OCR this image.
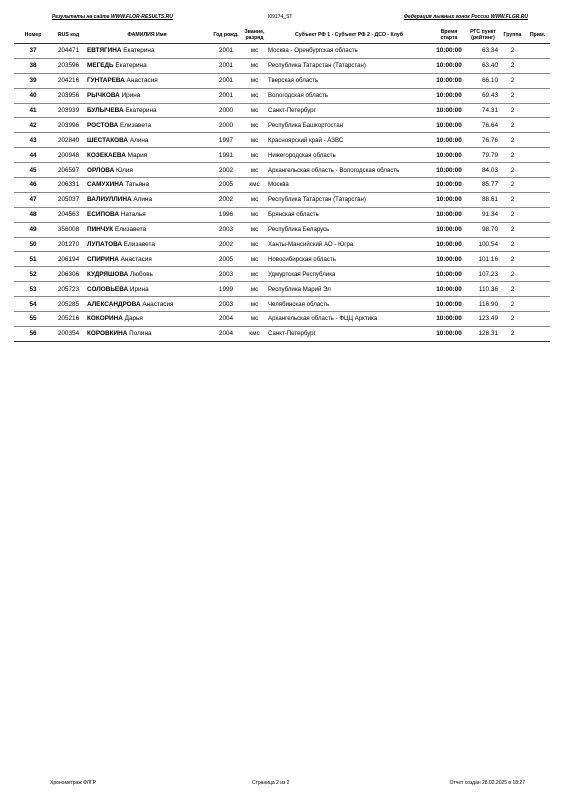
Результаты на сайте WWW.FLOR-RESULTS.RU	I09174_ST	Федерация лыжных гонок России WWW.FLGR.RU
Номер	RUS код	ФАМИЛИЯ Имя	Год рожд.	Звание, разряд	Субъект РФ 1 - Субъект РФ 2 - ДСО - Клуб	Время старта	РГС пункт (рейтинг)	Группа	Прим.
37	204471	ЕВТЯГИНА Екатерина	2001	мс	Москва - Оренбургская область	10:00:00	63.34	2	
38	203596	МЕГЕДЬ Екатерина	2001	мс	Республика Татарстан (Татарстан)	10:00:00	63.40	2	
39	204216	ГУНТАРЕВА Анастасия	2001	мс	Тверская область	10:00:00	66.10	2	
40	203956	РЫЧКОВА Ирина	2001	мс	Вологодская область	10:00:00	69.43	2	
41	203939	БУЛЫЧЕВА Екатерина	2000	мс	Санкт-Петербург	10:00:00	74.31	2	
42	203996	РОСТОВА Елизавета	2000	мс	Республика Башкортостан	10:00:00	76.64	2	
43	202840	ШЕСТАКОВА Алина	1997	мс	Красноярский край - АЗВС	10:00:00	76.76	2	
44	200948	КОЗЕКАЕВА Мария	1991	мс	Нижегородская область	10:00:00	79.79	2	
45	206597	ОРЛОВА Юлия	2002	мс	Архангельская область - Вологодская область	10:00:00	84.03	2	
46	206331	САМУХИНА Татьяна	2005	кмс	Москва	10:00:00	85.77	2	
47	205037	ВАЛИУЛЛИНА Алина	2002	мс	Республика Татарстан (Татарстан)	10:00:00	88.61	2	
48	204563	ЕСИПОВА Наталья	1996	мс	Брянская область	10:00:00	91.34	2	
49	356008	ПИНЧУК Елизавета	2003	мс	Республика Беларусь	10:00:00	98.70	2	
50	201270	ЛУПАТОВА Елизавета	2002	мс	Ханты-Мансийский АО - Югра	10:00:00	100.54	2	
51	206194	СПИРИНА Анастасия	2005	мс	Новосибирская область	10:00:00	101.16	2	
52	206306	КУДРЯШОВА Любовь	2003	мс	Удмуртская Республика	10:00:00	107.23	2	
53	205723	СОЛОВЬЕВА Ирина	1999	мс	Республика Марий Эл	10:00:00	110.36	2	
54	205285	АЛЕКСАНДРОВА Анастасия	2003	мс	Челябинская область	10:00:00	116.90	2	
55	205216	КОКОРИНА Дарья	2004	мс	Архангельская область - ФЦЦ Арктика	10:00:00	123.49	2	
56	200354	КОРОВКИНА Полина	2004	кмс	Санкт-Петербург	10:00:00	128.31	2	
Хронометраж ФЛГР	Страница 2 из 2	Отчет создан 28.02.2025 в 18:27
